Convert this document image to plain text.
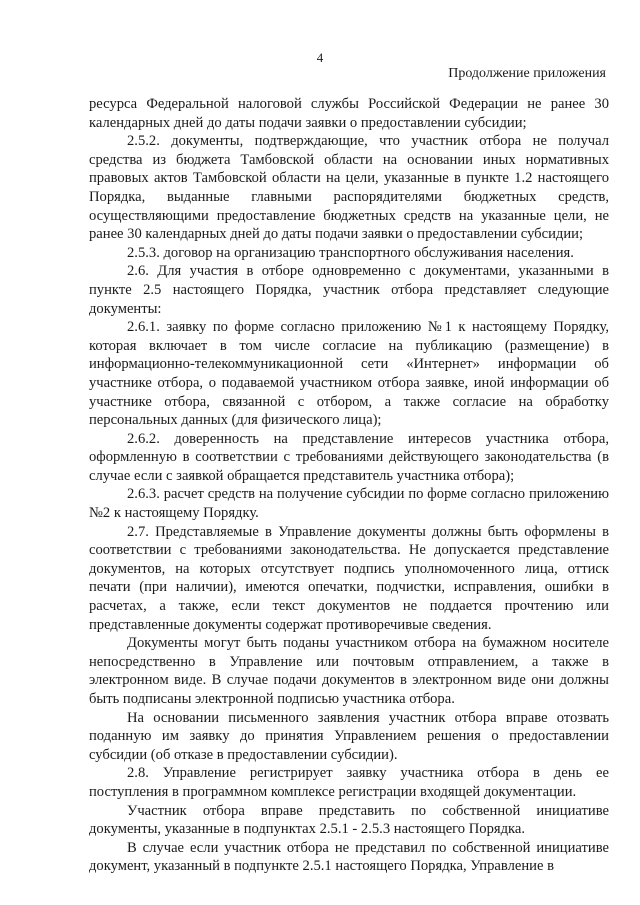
4
Продолжение приложения

ресурса Федеральной налоговой службы Российской Федерации не ранее 30 календарных дней до даты подачи заявки о предоставлении субсидии;

2.5.2. документы, подтверждающие, что участник отбора не получал средства из бюджета Тамбовской области на основании иных нормативных правовых актов Тамбовской области на цели, указанные в пункте 1.2 настоящего Порядка, выданные главными распорядителями бюджетных средств, осуществляющими предоставление бюджетных средств на указанные цели, не ранее 30 календарных дней до даты подачи заявки о предоставлении субсидии;

2.5.3. договор на организацию транспортного обслуживания населения.

2.6. Для участия в отборе одновременно с документами, указанными в пункте 2.5 настоящего Порядка, участник отбора представляет следующие документы:

2.6.1. заявку по форме согласно приложению №1 к настоящему Порядку, которая включает в том числе согласие на публикацию (размещение) в информационно-телекоммуникационной сети «Интернет» информации об участнике отбора, о подаваемой участником отбора заявке, иной информации об участнике отбора, связанной с отбором, а также согласие на обработку персональных данных (для физического лица);

2.6.2. доверенность на представление интересов участника отбора, оформленную в соответствии с требованиями действующего законодательства (в случае если с заявкой обращается представитель участника отбора);

2.6.3. расчет средств на получение субсидии по форме согласно приложению №2 к настоящему Порядку.

2.7. Представляемые в Управление документы должны быть оформлены в соответствии с требованиями законодательства. Не допускается представление документов, на которых отсутствует подпись уполномоченного лица, оттиск печати (при наличии), имеются опечатки, подчистки, исправления, ошибки в расчетах, а также, если текст документов не поддается прочтению или представленные документы содержат противоречивые сведения.

Документы могут быть поданы участником отбора на бумажном носителе непосредственно в Управление или почтовым отправлением, а также в электронном виде. В случае подачи документов в электронном виде они должны быть подписаны электронной подписью участника отбора.

На основании письменного заявления участник отбора вправе отозвать поданную им заявку до принятия Управлением решения о предоставлении субсидии (об отказе в предоставлении субсидии).

2.8. Управление регистрирует заявку участника отбора в день ее поступления в программном комплексе регистрации входящей документации.

Участник отбора вправе представить по собственной инициативе документы, указанные в подпунктах 2.5.1 - 2.5.3 настоящего Порядка.

В случае если участник отбора не представил по собственной инициативе документ, указанный в подпункте 2.5.1 настоящего Порядка, Управление в
